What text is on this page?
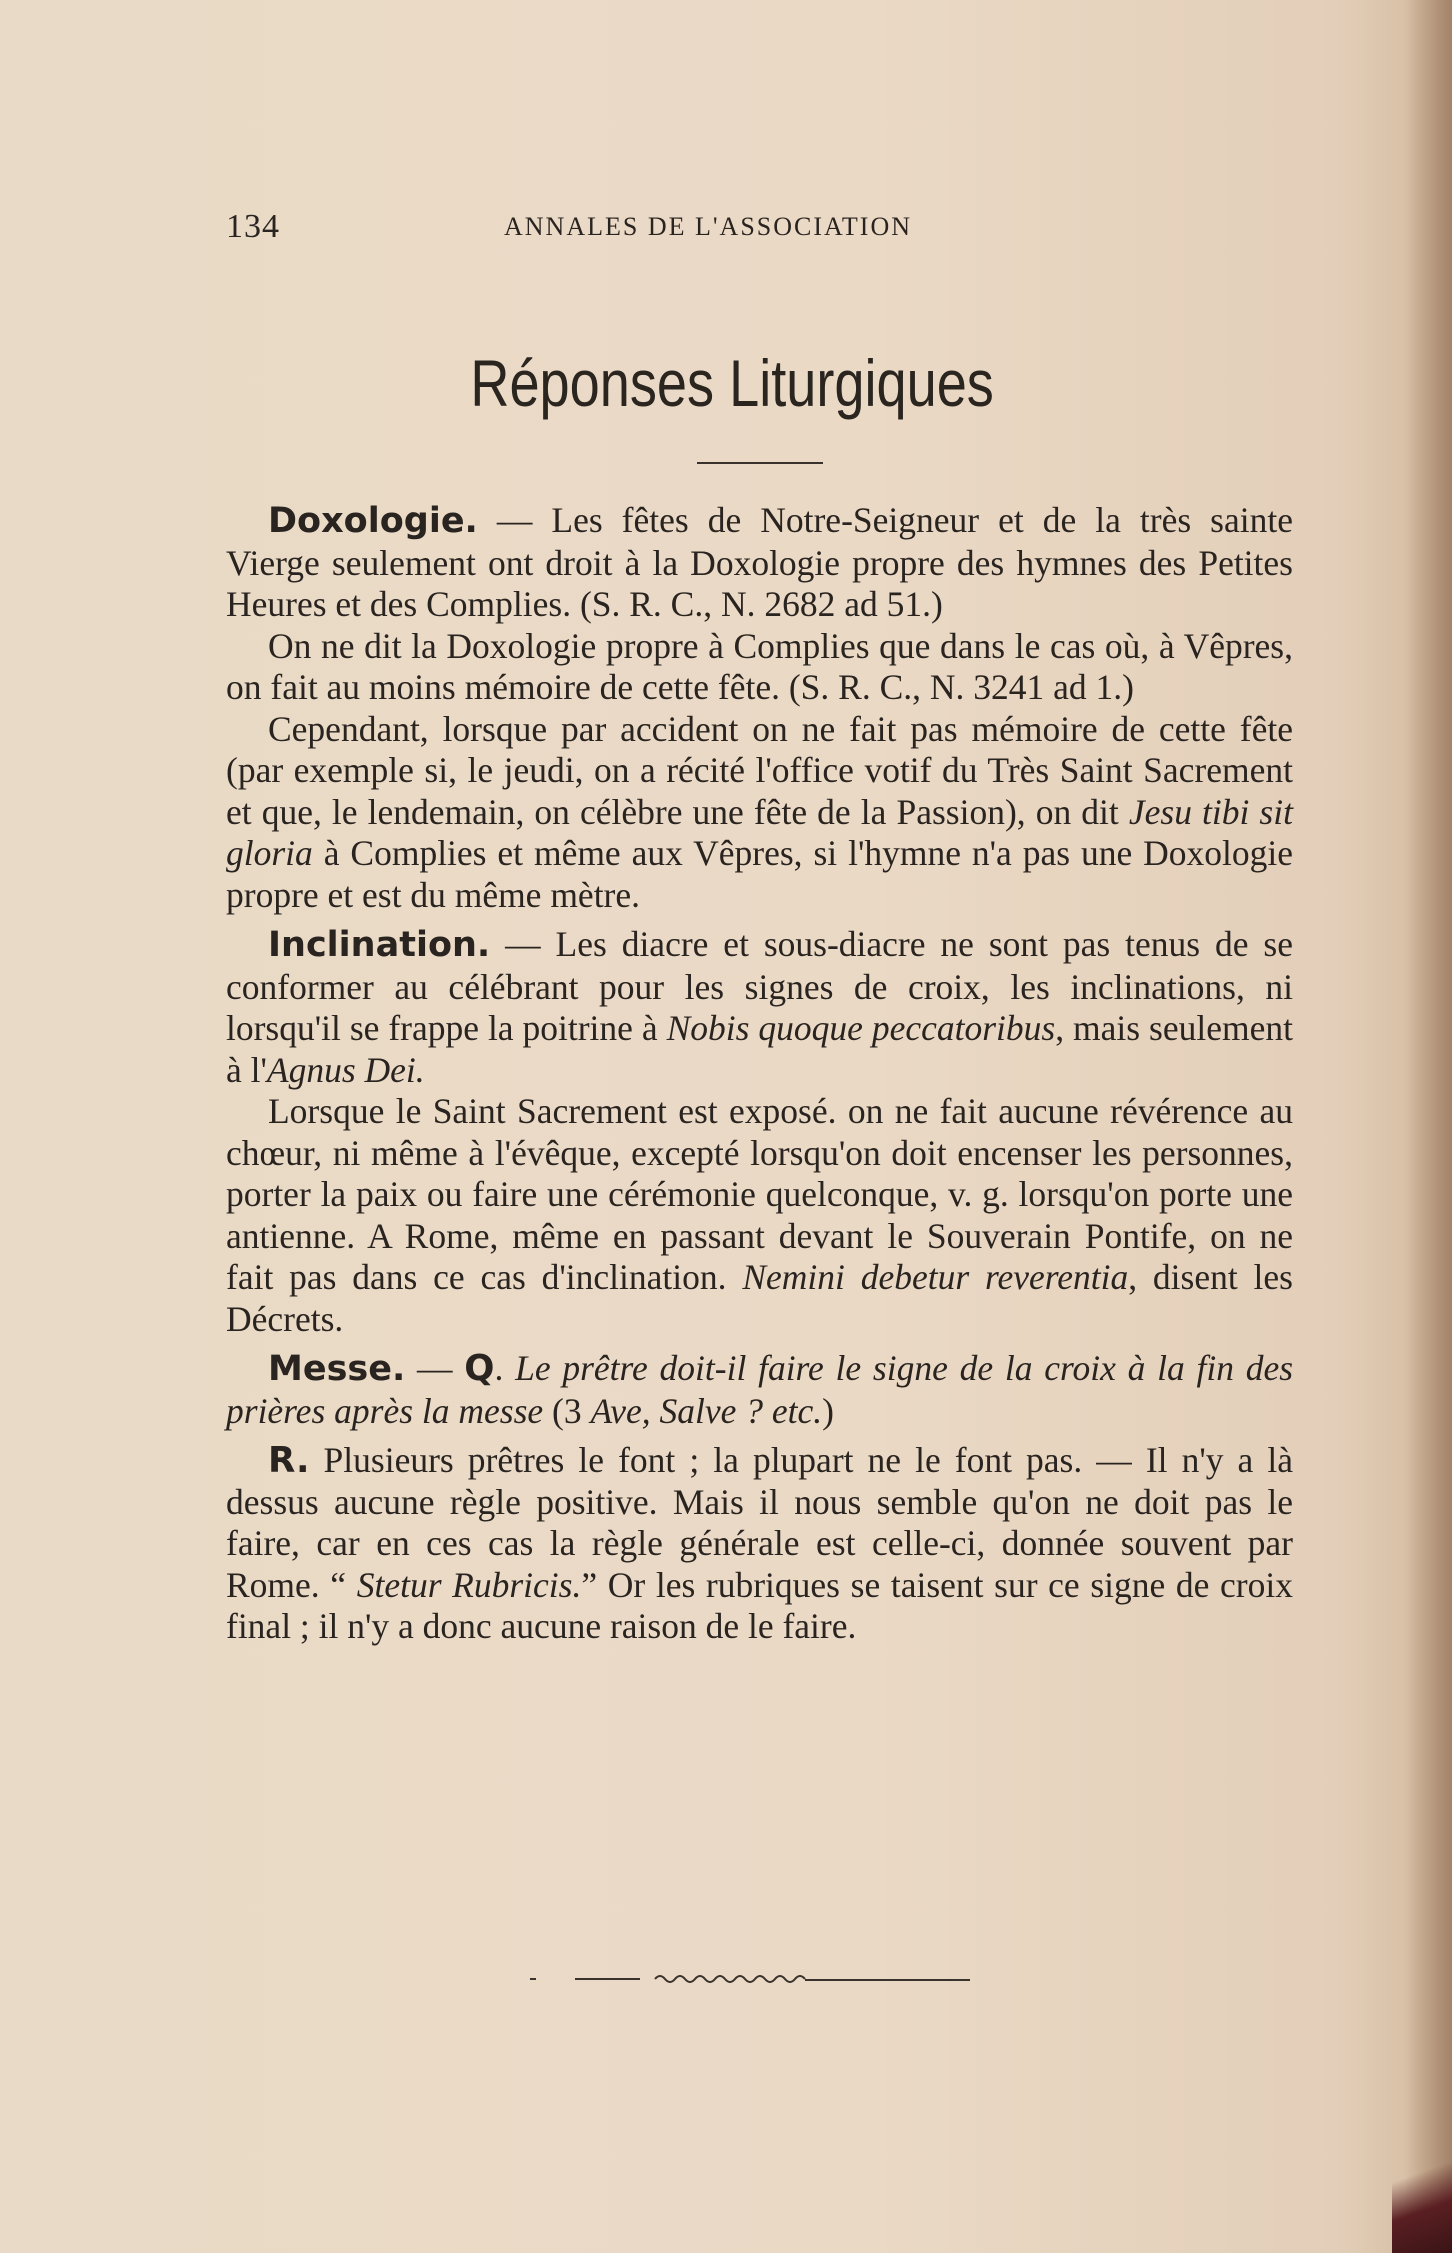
134	ANNALES DE L'ASSOCIATION
Réponses Liturgiques

Doxologie. — Les fêtes de Notre-Seigneur et de la très sainte Vierge seulement ont droit à la Doxologie propre des hymnes des Petites Heures et des Complies. (S. R. C., N. 2682 ad 51.)

On ne dit la Doxologie propre à Complies que dans le cas où, à Vêpres, on fait au moins mémoire de cette fête. (S. R. C., N. 3241 ad 1.)

Cependant, lorsque par accident on ne fait pas mémoire de cette fête (par exemple si, le jeudi, on a récité l'office votif du Très Saint Sacrement et que, le lendemain, on célèbre une fête de la Passion), on dit Jesu tibi sit gloria à Complies et même aux Vêpres, si l'hymne n'a pas une Doxologie propre et est du même mètre.

Inclination. — Les diacre et sous-diacre ne sont pas tenus de se conformer au célébrant pour les signes de croix, les inclinations, ni lorsqu'il se frappe la poitrine à Nobis quoque peccatoribus, mais seulement à l'Agnus Dei.

Lorsque le Saint Sacrement est exposé. on ne fait aucune révérence au chœur, ni même à l'évêque, excepté lorsqu'on doit encenser les personnes, porter la paix ou faire une cérémonie quelconque, v. g. lorsqu'on porte une antienne. A Rome, même en passant devant le Souverain Pontife, on ne fait pas dans ce cas d'inclination. Nemini debetur reverentia, disent les Décrets.

Messe. — Q. Le prêtre doit-il faire le signe de la croix à la fin des prières après la messe (3 Ave, Salve ? etc.)

R. Plusieurs prêtres le font ; la plupart ne le font pas. — Il n'y a là dessus aucune règle positive. Mais il nous semble qu'on ne doit pas le faire, car en ces cas la règle générale est celle-ci, donnée souvent par Rome. “ Stetur Rubricis.” Or les rubriques se taisent sur ce signe de croix final ; il n'y a donc aucune raison de le faire.
